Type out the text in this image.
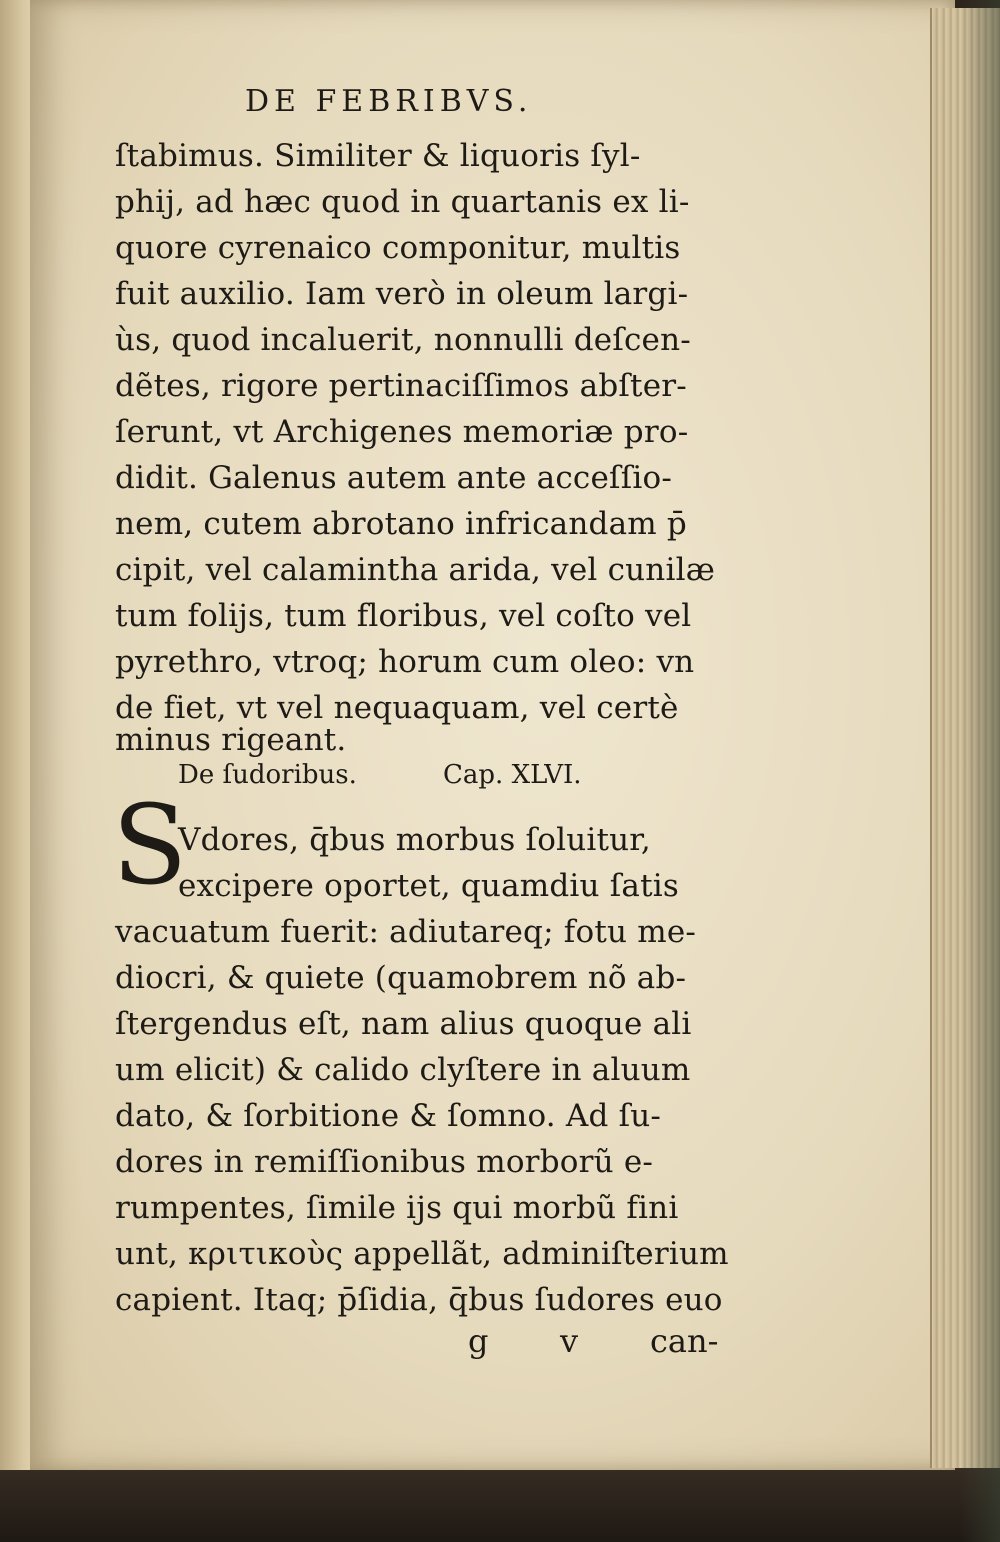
DE FEBRIBVS.
ſtabimus. Similiter & liquoris ſyl-
phij, ad hæc quod in quartanis ex li-
quore cyrenaico componitur, multis
fuit auxilio. Iam verò in oleum largi-
ùs, quod incaluerit, nonnulli deſcen-
dẽtes, rigore pertinaciſſimos abſter-
ſerunt, vt Archigenes memoriæ pro-
didit. Galenus autem ante acceſſio-
nem, cutem abrotano infricandam p̄
cipit, vel calamintha arida, vel cunilæ
tum folijs, tum floribus, vel coſto vel
pyrethro, vtroq; horum cum oleo: vn
de fiet, vt vel nequaquam, vel certè
minus rigeant.
De ſudoribus.	Cap. XLVI.
S
Vdores, q̄bus morbus ſoluitur,
excipere oportet, quamdiu ſatis
vacuatum fuerit: adiutareq; fotu me-
diocri, & quiete (quamobrem nõ ab-
ſtergendus eſt, nam alius quoque ali
um elicit) & calido clyſtere in aluum
dato, & ſorbitione & ſomno. Ad ſu-
dores in remiſſionibus morborũ e-
rumpentes, ſimile ijs qui morbũ fini
unt, κριτικοὺς appellãt, adminiſterium
capient. Itaq; p̄ſidia, q̄bus ſudores euo
g v can-
